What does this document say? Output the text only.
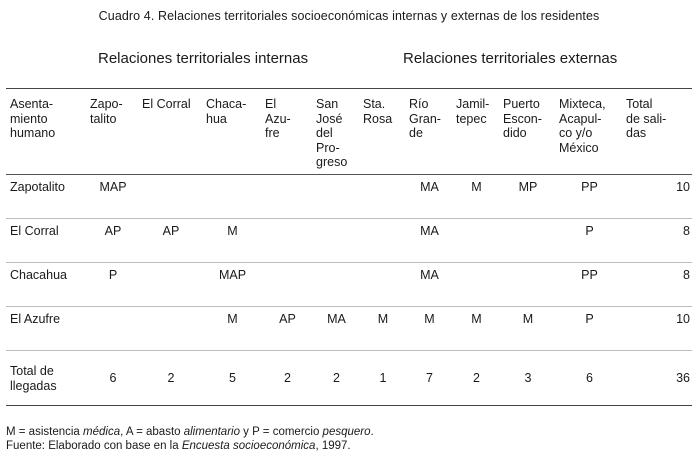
Cuadro 4. Relaciones territoriales socioeconómicas internas y externas de los residentes
Relaciones territoriales internas	Relaciones territoriales externas
Asenta-
miento
humano	Zapo-
talito	El Corral	Chaca-
hua	El
Azu-
fre	San
José
del
Pro-
greso	Sta.
Rosa	Río
Gran-
de	Jamil-
tepec	Puerto
Escon-
dido	Mixteca,
Acapul-
co y/o
México	Total
de sali-
das
Zapotalito	MAP						MA	M	MP	PP	10
El Corral	AP	AP	M				MA			P	8
Chacahua	P		MAP				MA			PP	8
El Azufre			M	AP	MA	M	M	M	M	P	10
Total de
llegadas	6	2	5	2	2	1	7	2	3	6	36
M = asistencia médica, A = abasto alimentario y P = comercio pesquero.
Fuente: Elaborado con base en la Encuesta socioeconómica, 1997.
